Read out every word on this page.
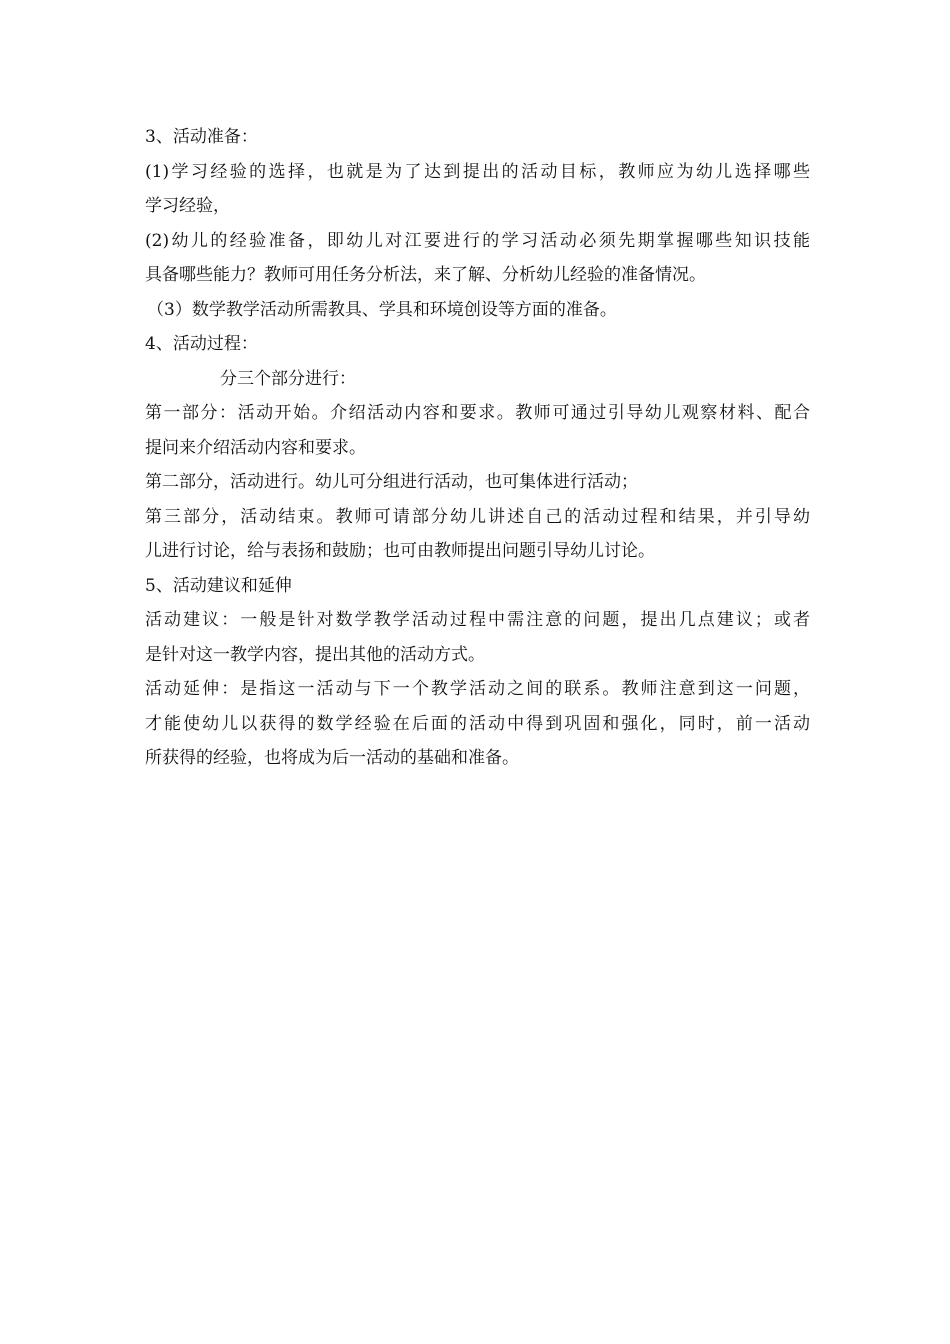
3、活动准备：
(1)学习经验的选择，也就是为了达到提出的活动目标，教师应为幼儿选择哪些
学习经验，
(2)幼儿的经验准备，即幼儿对江要进行的学习活动必须先期掌握哪些知识技能
具备哪些能力？教师可用任务分析法，来了解、分析幼儿经验的准备情况。
（3）数学教学活动所需教具、学具和环境创设等方面的准备。
4、活动过程：
分三个部分进行：
第一部分：活动开始。介绍活动内容和要求。教师可通过引导幼儿观察材料、配合
提问来介绍活动内容和要求。
第二部分，活动进行。幼儿可分组进行活动，也可集体进行活动；
第三部分，活动结束。教师可请部分幼儿讲述自己的活动过程和结果，并引导幼
儿进行讨论，给与表扬和鼓励；也可由教师提出问题引导幼儿讨论。
5、活动建议和延伸
活动建议：一般是针对数学教学活动过程中需注意的问题，提出几点建议；或者
是针对这一教学内容，提出其他的活动方式。
活动延伸：是指这一活动与下一个教学活动之间的联系。教师注意到这一问题，
才能使幼儿以获得的数学经验在后面的活动中得到巩固和强化，同时，前一活动
所获得的经验，也将成为后一活动的基础和准备。
